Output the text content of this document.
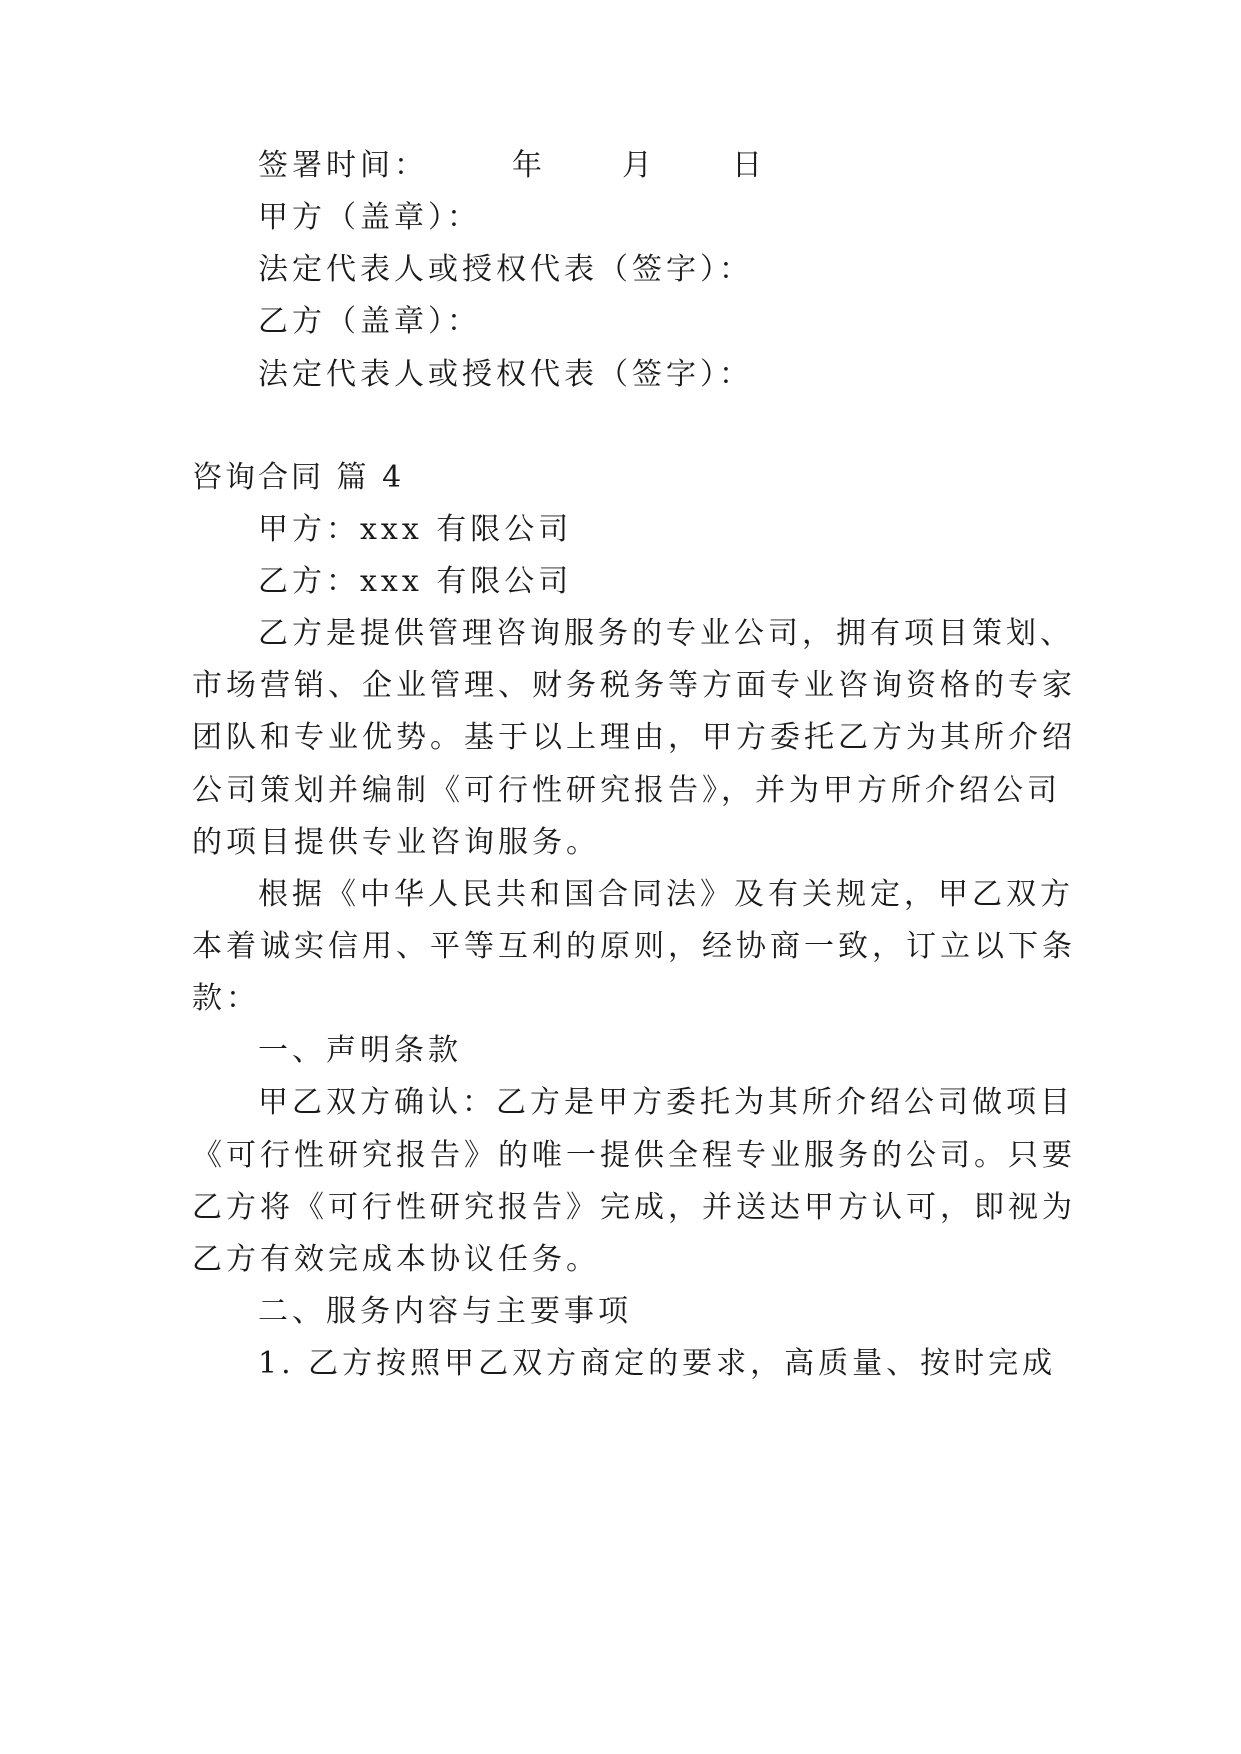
签署时间：	年	月	日
甲方（盖章）：
法定代表人或授权代表（签字）：
乙方（盖章）：
法定代表人或授权代表（签字）：
咨询合同 篇 4
甲方：xxx 有限公司
乙方：xxx 有限公司
乙方是提供管理咨询服务的专业公司，拥有项目策划、
市场营销、企业管理、财务税务等方面专业咨询资格的专家
团队和专业优势。基于以上理由，甲方委托乙方为其所介绍
公司策划并编制《可行性研究报告》，并为甲方所介绍公司
的项目提供专业咨询服务。
根据《中华人民共和国合同法》及有关规定，甲乙双方
本着诚实信用、平等互利的原则，经协商一致，订立以下条
款：
一、声明条款
甲乙双方确认：乙方是甲方委托为其所介绍公司做项目
《可行性研究报告》的唯一提供全程专业服务的公司。只要
乙方将《可行性研究报告》完成，并送达甲方认可，即视为
乙方有效完成本协议任务。
二、服务内容与主要事项
1. 乙方按照甲乙双方商定的要求，高质量、按时完成
